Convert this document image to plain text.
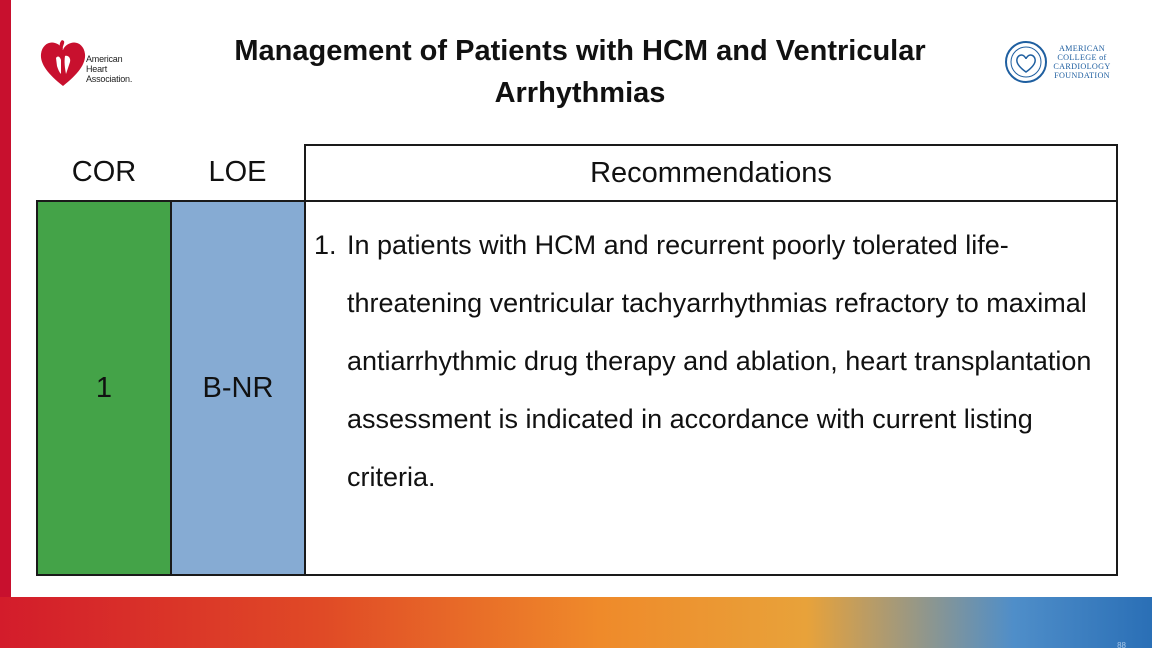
American
Heart
Association.
Management of Patients with HCM and Ventricular Arrhythmias
AMERICAN
COLLEGE of
CARDIOLOGY
FOUNDATION
COR	LOE	Recommendations
1	B-NR	1. In patients with HCM and recurrent poorly tolerated life-threatening ventricular tachyarrhythmias refractory to maximal antiarrhythmic drug therapy and ablation, heart transplantation assessment is indicated in accordance with current listing criteria.
88
